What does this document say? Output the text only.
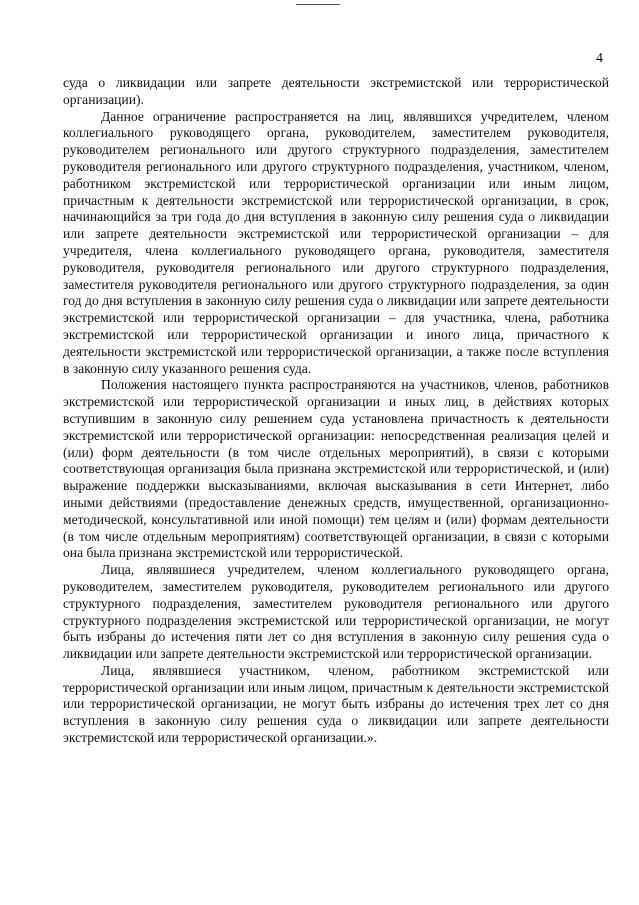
4

суда о ликвидации или запрете деятельности экстремистской или террористической организации).

Данное ограничение распространяется на лиц, являвшихся учредителем, членом коллегиального руководящего органа, руководителем, заместителем руководителя, руководителем регионального или другого структурного подразделения, заместителем руководителя регионального или другого структурного подразделения, участником, членом, работником экстремистской или террористической организации или иным лицом, причастным к деятельности экстремистской или террористической организации, в срок, начинающийся за три года до дня вступления в законную силу решения суда о ликвидации или запрете деятельности экстремистской или террористической организации – для учредителя, члена коллегиального руководящего органа, руководителя, заместителя руководителя, руководителя регионального или другого структурного подразделения, заместителя руководителя регионального или другого структурного подразделения, за один год до дня вступления в законную силу решения суда о ликвидации или запрете деятельности экстремистской или террористической организации – для участника, члена, работника экстремистской или террористической организации и иного лица, причастного к деятельности экстремистской или террористической организации, а также после вступления в законную силу указанного решения суда.

Положения настоящего пункта распространяются на участников, членов, работников экстремистской или террористической организации и иных лиц, в действиях которых вступившим в законную силу решением суда установлена причастность к деятельности экстремистской или террористической организации: непосредственная реализация целей и (или) форм деятельности (в том числе отдельных мероприятий), в связи с которыми соответствующая организация была признана экстремистской или террористической, и (или) выражение поддержки высказываниями, включая высказывания в сети Интернет, либо иными действиями (предоставление денежных средств, имущественной, организационно-методической, консультативной или иной помощи) тем целям и (или) формам деятельности (в том числе отдельным мероприятиям) соответствующей организации, в связи с которыми она была признана экстремистской или террористической.

Лица, являвшиеся учредителем, членом коллегиального руководящего органа, руководителем, заместителем руководителя, руководителем регионального или другого структурного подразделения, заместителем руководителя регионального или другого структурного подразделения экстремистской или террористической организации, не могут быть избраны до истечения пяти лет со дня вступления в законную силу решения суда о ликвидации или запрете деятельности экстремистской или террористической организации.

Лица, являвшиеся участником, членом, работником экстремистской или террористической организации или иным лицом, причастным к деятельности экстремистской или террористической организации, не могут быть избраны до истечения трех лет со дня вступления в законную силу решения суда о ликвидации или запрете деятельности экстремистской или террористической организации.».
